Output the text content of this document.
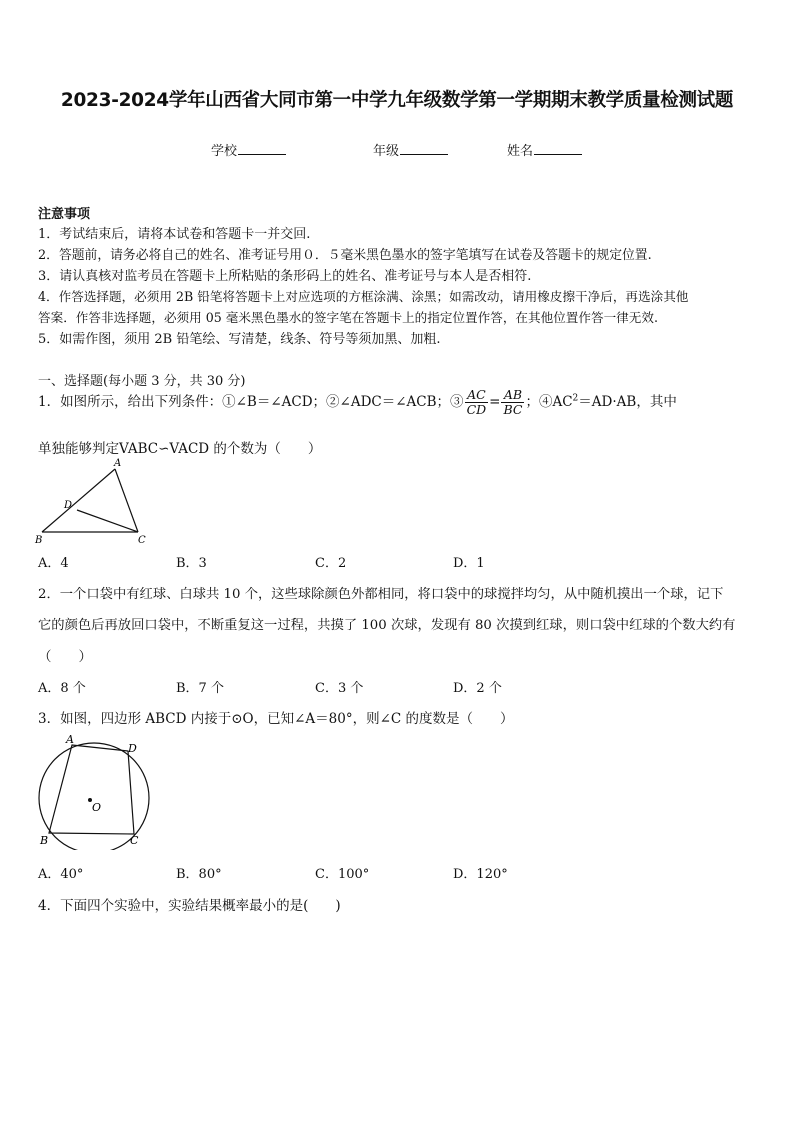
2023-2024学年山西省大同市第一中学九年级数学第一学期期末教学质量检测试题
学校	年级	姓名
注意事项
1．考试结束后，请将本试卷和答题卡一并交回.
2．答题前，请务必将自己的姓名、准考证号用０．５毫米黑色墨水的签字笔填写在试卷及答题卡的规定位置.
3．请认真核对监考员在答题卡上所粘贴的条形码上的姓名、准考证号与本人是否相符.
4．作答选择题，必须用 2B 铅笔将答题卡上对应选项的方框涂满、涂黑；如需改动，请用橡皮擦干净后，再选涂其他
答案．作答非选择题，必须用 05 毫米黑色墨水的签字笔在答题卡上的指定位置作答，在其他位置作答一律无效.
5．如需作图，须用 2B 铅笔绘、写清楚，线条、符号等须加黑、加粗.
一、选择题(每小题 3 分，共 30 分)
1．如图所示，给出下列条件：①∠B＝∠ACD；②∠ADC＝∠ACB；③ $\frac{AC}{CD} = \frac{AB}{BC}$ ；$④AC^2=AD\cdot AB$，其中
单独能够判定VABC∽VACD 的个数为（　　）
A
B	C
D
A．4	B．3	C．2	D．1
2．一个口袋中有红球、白球共 10 个，这些球除颜色外都相同，将口袋中的球搅拌均匀，从中随机摸出一个球，记下
它的颜色后再放回口袋中，不断重复这一过程，共摸了 100 次球，发现有 80 次摸到红球，则口袋中红球的个数大约有
（　　）
A．8 个	B．7 个	C．3 个	D．2 个
3．如图，四边形 ABCD 内接于⊙O，已知∠A＝80°，则∠C 的度数是（　　）
A
B	C
D
O
A．40°	B．80°	C．100°	D．120°
4．下面四个实验中，实验结果概率最小的是(　　)
